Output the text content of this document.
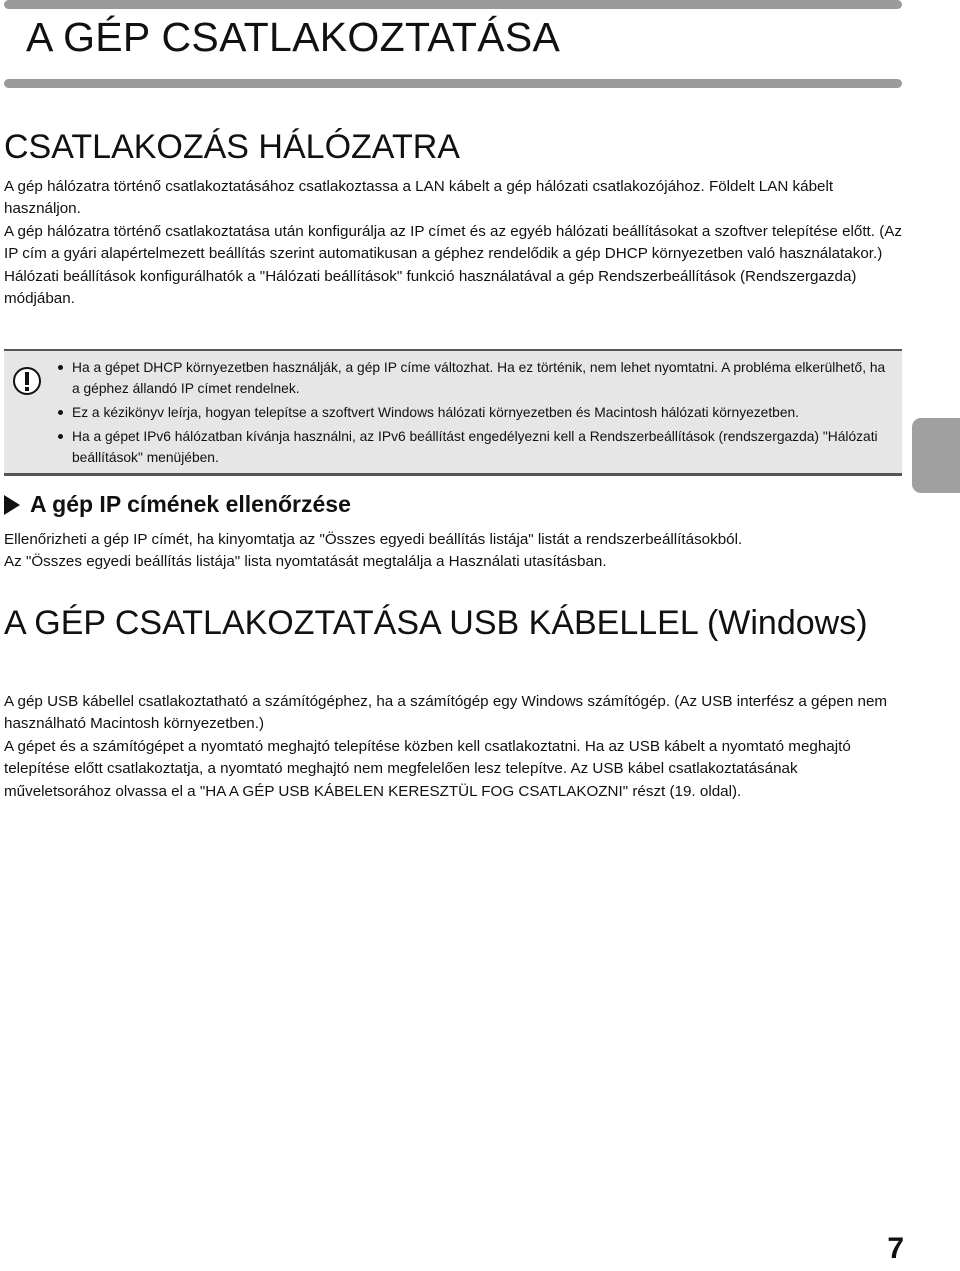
A GÉP CSATLAKOZTATÁSA
CSATLAKOZÁS HÁLÓZATRA

A gép hálózatra történő csatlakoztatásához csatlakoztassa a LAN kábelt a gép hálózati csatlakozójához. Földelt LAN kábelt használjon.
A gép hálózatra történő csatlakoztatása után konfigurálja az IP címet és az egyéb hálózati beállításokat a szoftver telepítése előtt. (Az IP cím a gyári alapértelmezett beállítás szerint automatikusan a géphez rendelődik a gép DHCP környezetben való használatakor.)
Hálózati beállítások konfigurálhatók a "Hálózati beállítások" funkció használatával a gép Rendszerbeállítások (Rendszergazda) módjában.

Ha a gépet DHCP környezetben használják, a gép IP címe változhat. Ha ez történik, nem lehet nyomtatni. A probléma elkerülhető, ha a géphez állandó IP címet rendelnek.
Ez a kézikönyv leírja, hogyan telepítse a szoftvert Windows hálózati környezetben és Macintosh hálózati környezetben.
Ha a gépet IPv6 hálózatban kívánja használni, az IPv6 beállítást engedélyezni kell a Rendszerbeállítások (rendszergazda) "Hálózati beállítások" menüjében.
A gép IP címének ellenőrzése

Ellenőrizheti a gép IP címét, ha kinyomtatja az "Összes egyedi beállítás listája" listát a rendszerbeállításokból.
Az "Összes egyedi beállítás listája" lista nyomtatását megtalálja a Használati utasításban.

A GÉP CSATLAKOZTATÁSA USB KÁBELLEL (Windows)

A gép USB kábellel csatlakoztatható a számítógéphez, ha a számítógép egy Windows számítógép. (Az USB interfész a gépen nem használható Macintosh környezetben.)
A gépet és a számítógépet a nyomtató meghajtó telepítése közben kell csatlakoztatni. Ha az USB kábelt a nyomtató meghajtó telepítése előtt csatlakoztatja, a nyomtató meghajtó nem megfelelően lesz telepítve. Az USB kábel csatlakoztatásának műveletsorához olvassa el a "HA A GÉP USB KÁBELEN KERESZTÜL FOG CSATLAKOZNI" részt (19. oldal).

7
